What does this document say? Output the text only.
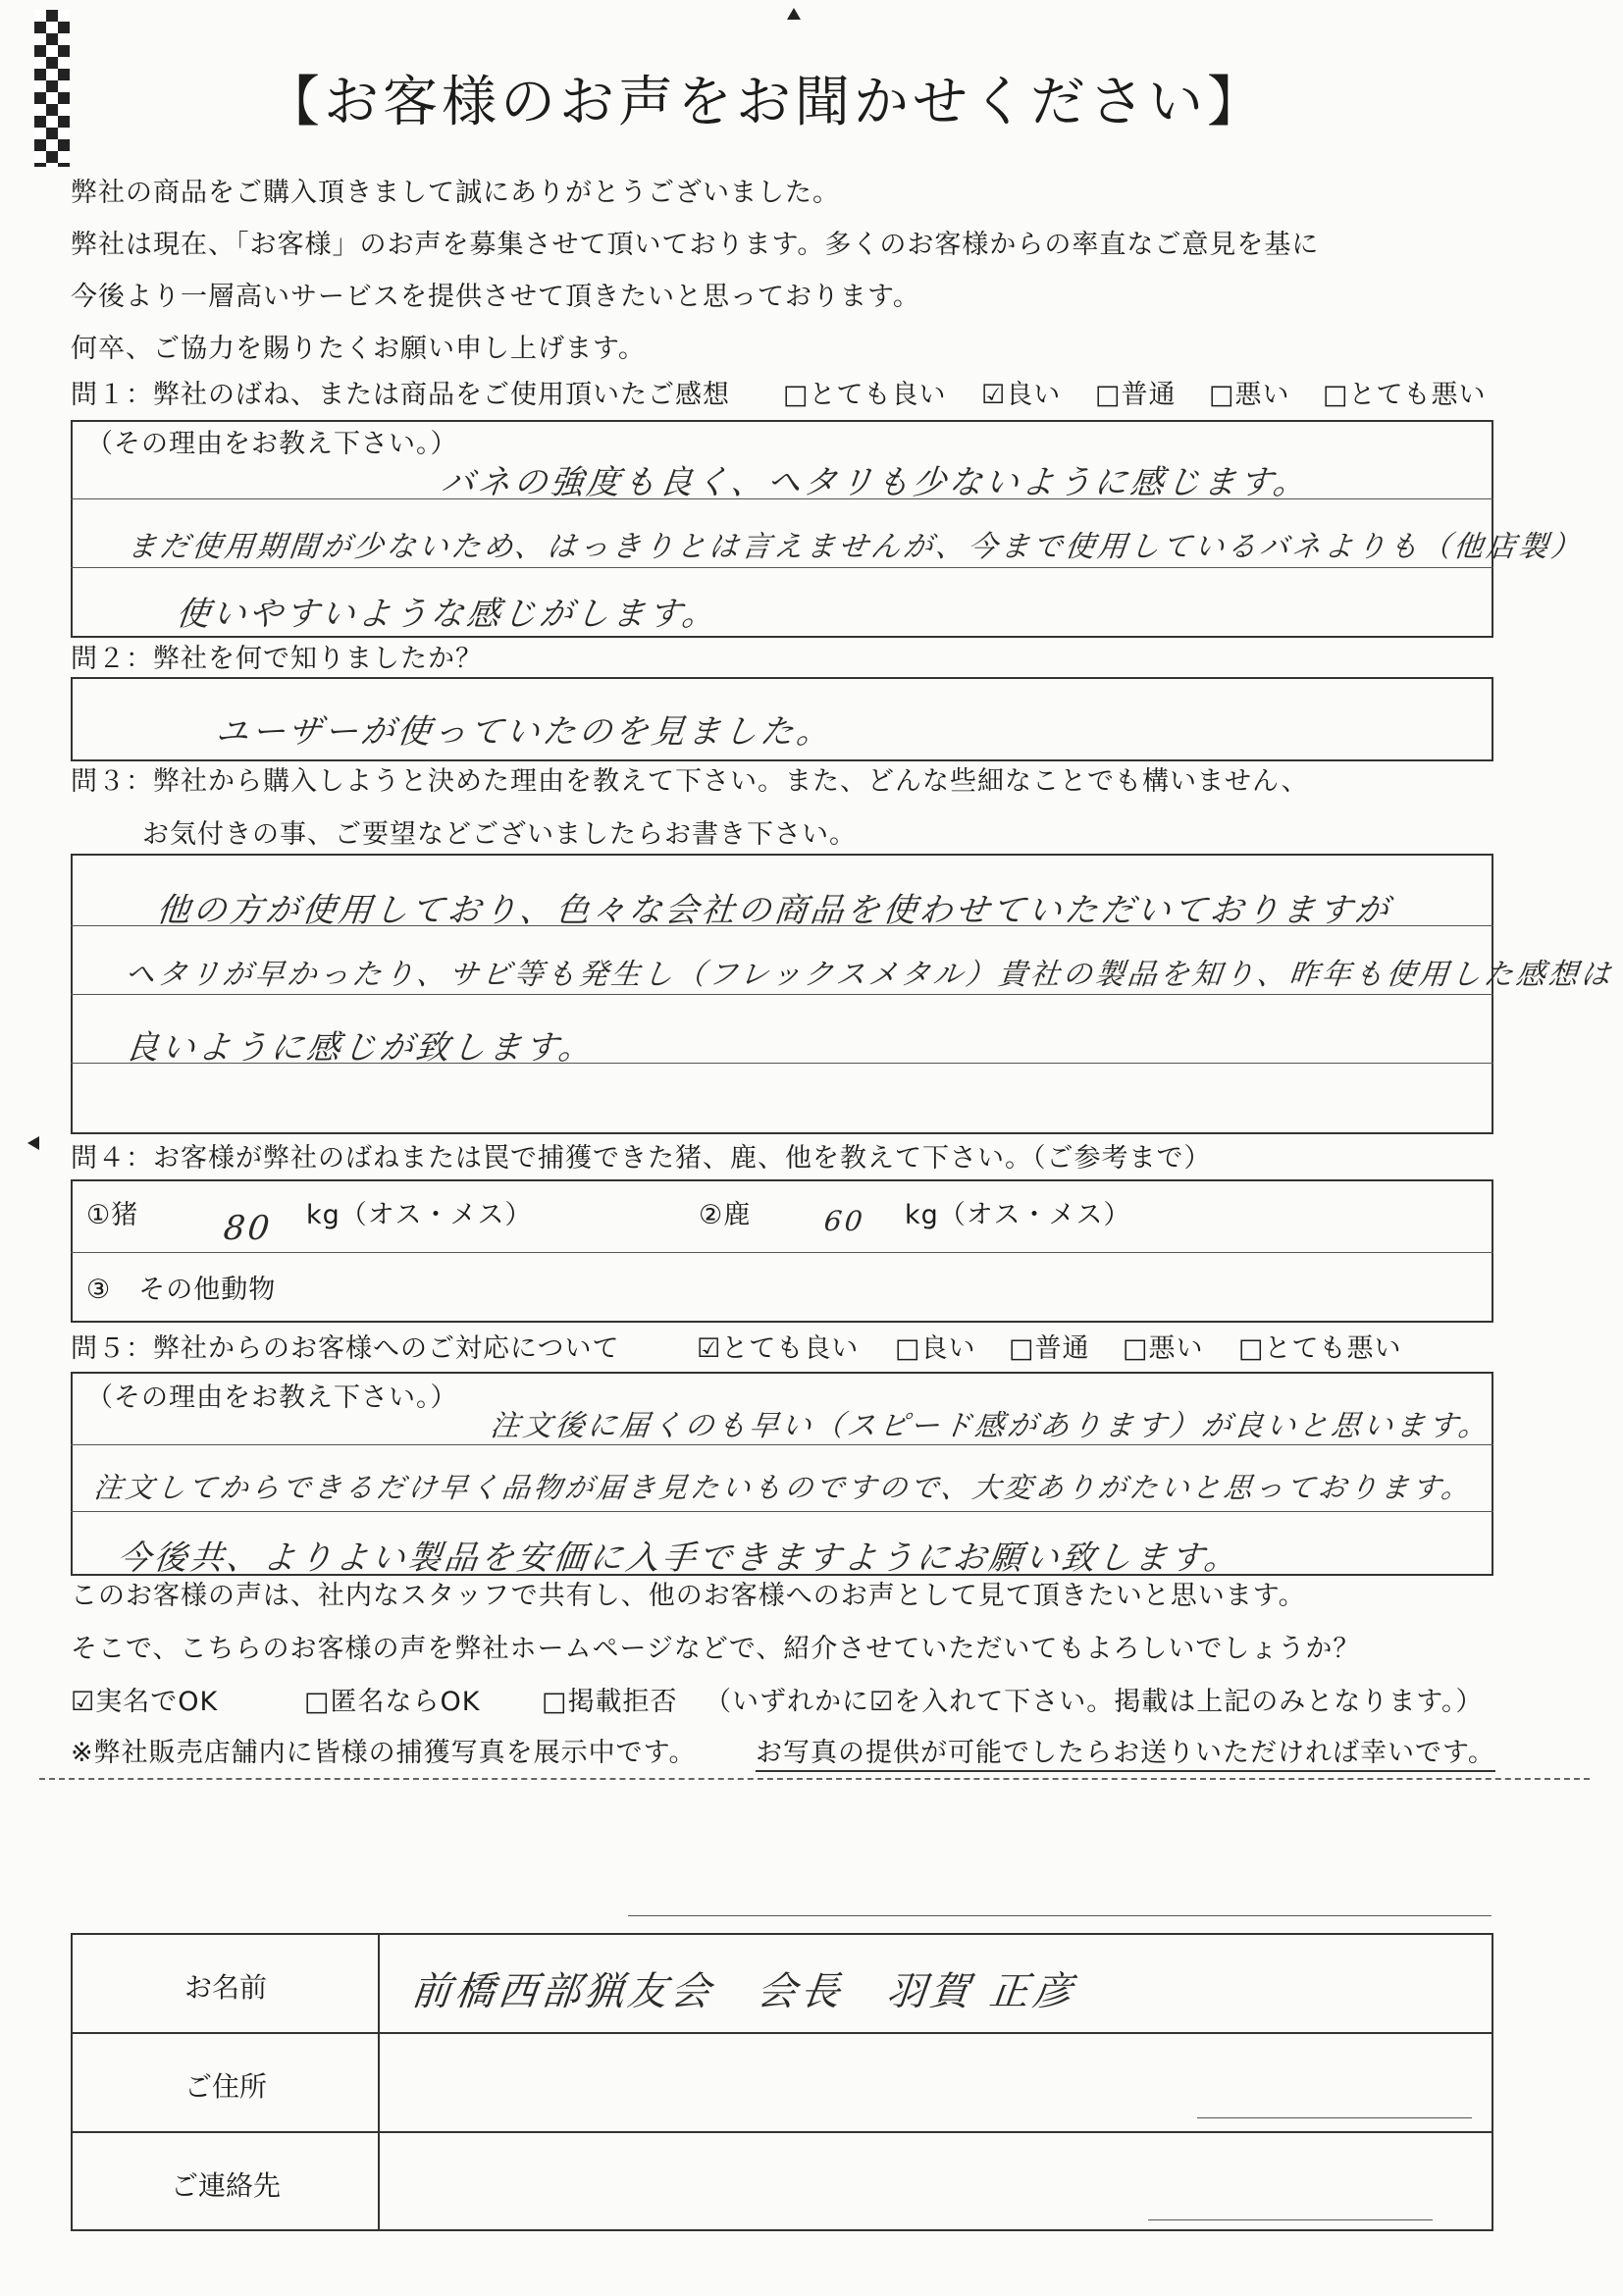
【お客様のお声をお聞かせください】
弊社の商品をご購入頂きまして誠にありがとうございました。
弊社は現在、「お客様」のお声を募集させて頂いております。多くのお客様からの率直なご意見を基に
今後より一層高いサービスを提供させて頂きたいと思っております。
何卒、ご協力を賜りたくお願い申し上げます。
問１：弊社のばね、または商品をご使用頂いたご感想 □とても良い ☑良い □普通 □悪い □とても悪い
（その理由をお教え下さい。）
バネの強度も良く、ヘタリも少ないように感じます。
まだ使用期間が少ないため、はっきりとは言えませんが、今まで使用しているバネよりも（他店製）
使いやすいような感じがします。
問２：弊社を何で知りましたか？
ユーザーが使っていたのを見ました。
問３：弊社から購入しようと決めた理由を教えて下さい。また、どんな些細なことでも構いません、
お気付きの事、ご要望などございましたらお書き下さい。
他の方が使用しており、色々な会社の商品を使わせていただいておりますが
ヘタリが早かったり、サビ等も発生し（フレックスメタル）貴社の製品を知り、昨年も使用した感想は
良いように感じが致します。
問４：お客様が弊社のばねまたは罠で捕獲できた猪、鹿、他を教えて下さい。（ご参考まで）
①猪 80 kg（オス・メス）	②鹿	60 kg（オス・メス）
③　その他動物
問５：弊社からのお客様へのご対応について	☑とても良い □良い □普通 □悪い □とても悪い
（その理由をお教え下さい。）
注文後に届くのも早い（スピード感があります）が良いと思います。
注文してからできるだけ早く品物が届き見たいものですので、大変ありがたいと思っております。
今後共、よりよい製品を安価に入手できますようにお願い致します。
このお客様の声は、社内なスタッフで共有し、他のお客様へのお声として見て頂きたいと思います。
そこで、こちらのお客様の声を弊社ホームページなどで、紹介させていただいてもよろしいでしょうか？
☑実名でOK	□匿名ならOK □掲載拒否 （いずれかに☑を入れて下さい。掲載は上記のみとなります。）
※弊社販売店舗内に皆様の捕獲写真を展示中です。 お写真の提供が可能でしたらお送りいただければ幸いです。
お名前	前橋西部猟友会　会長　羽賀 正彦
ご住所
ご連絡先
